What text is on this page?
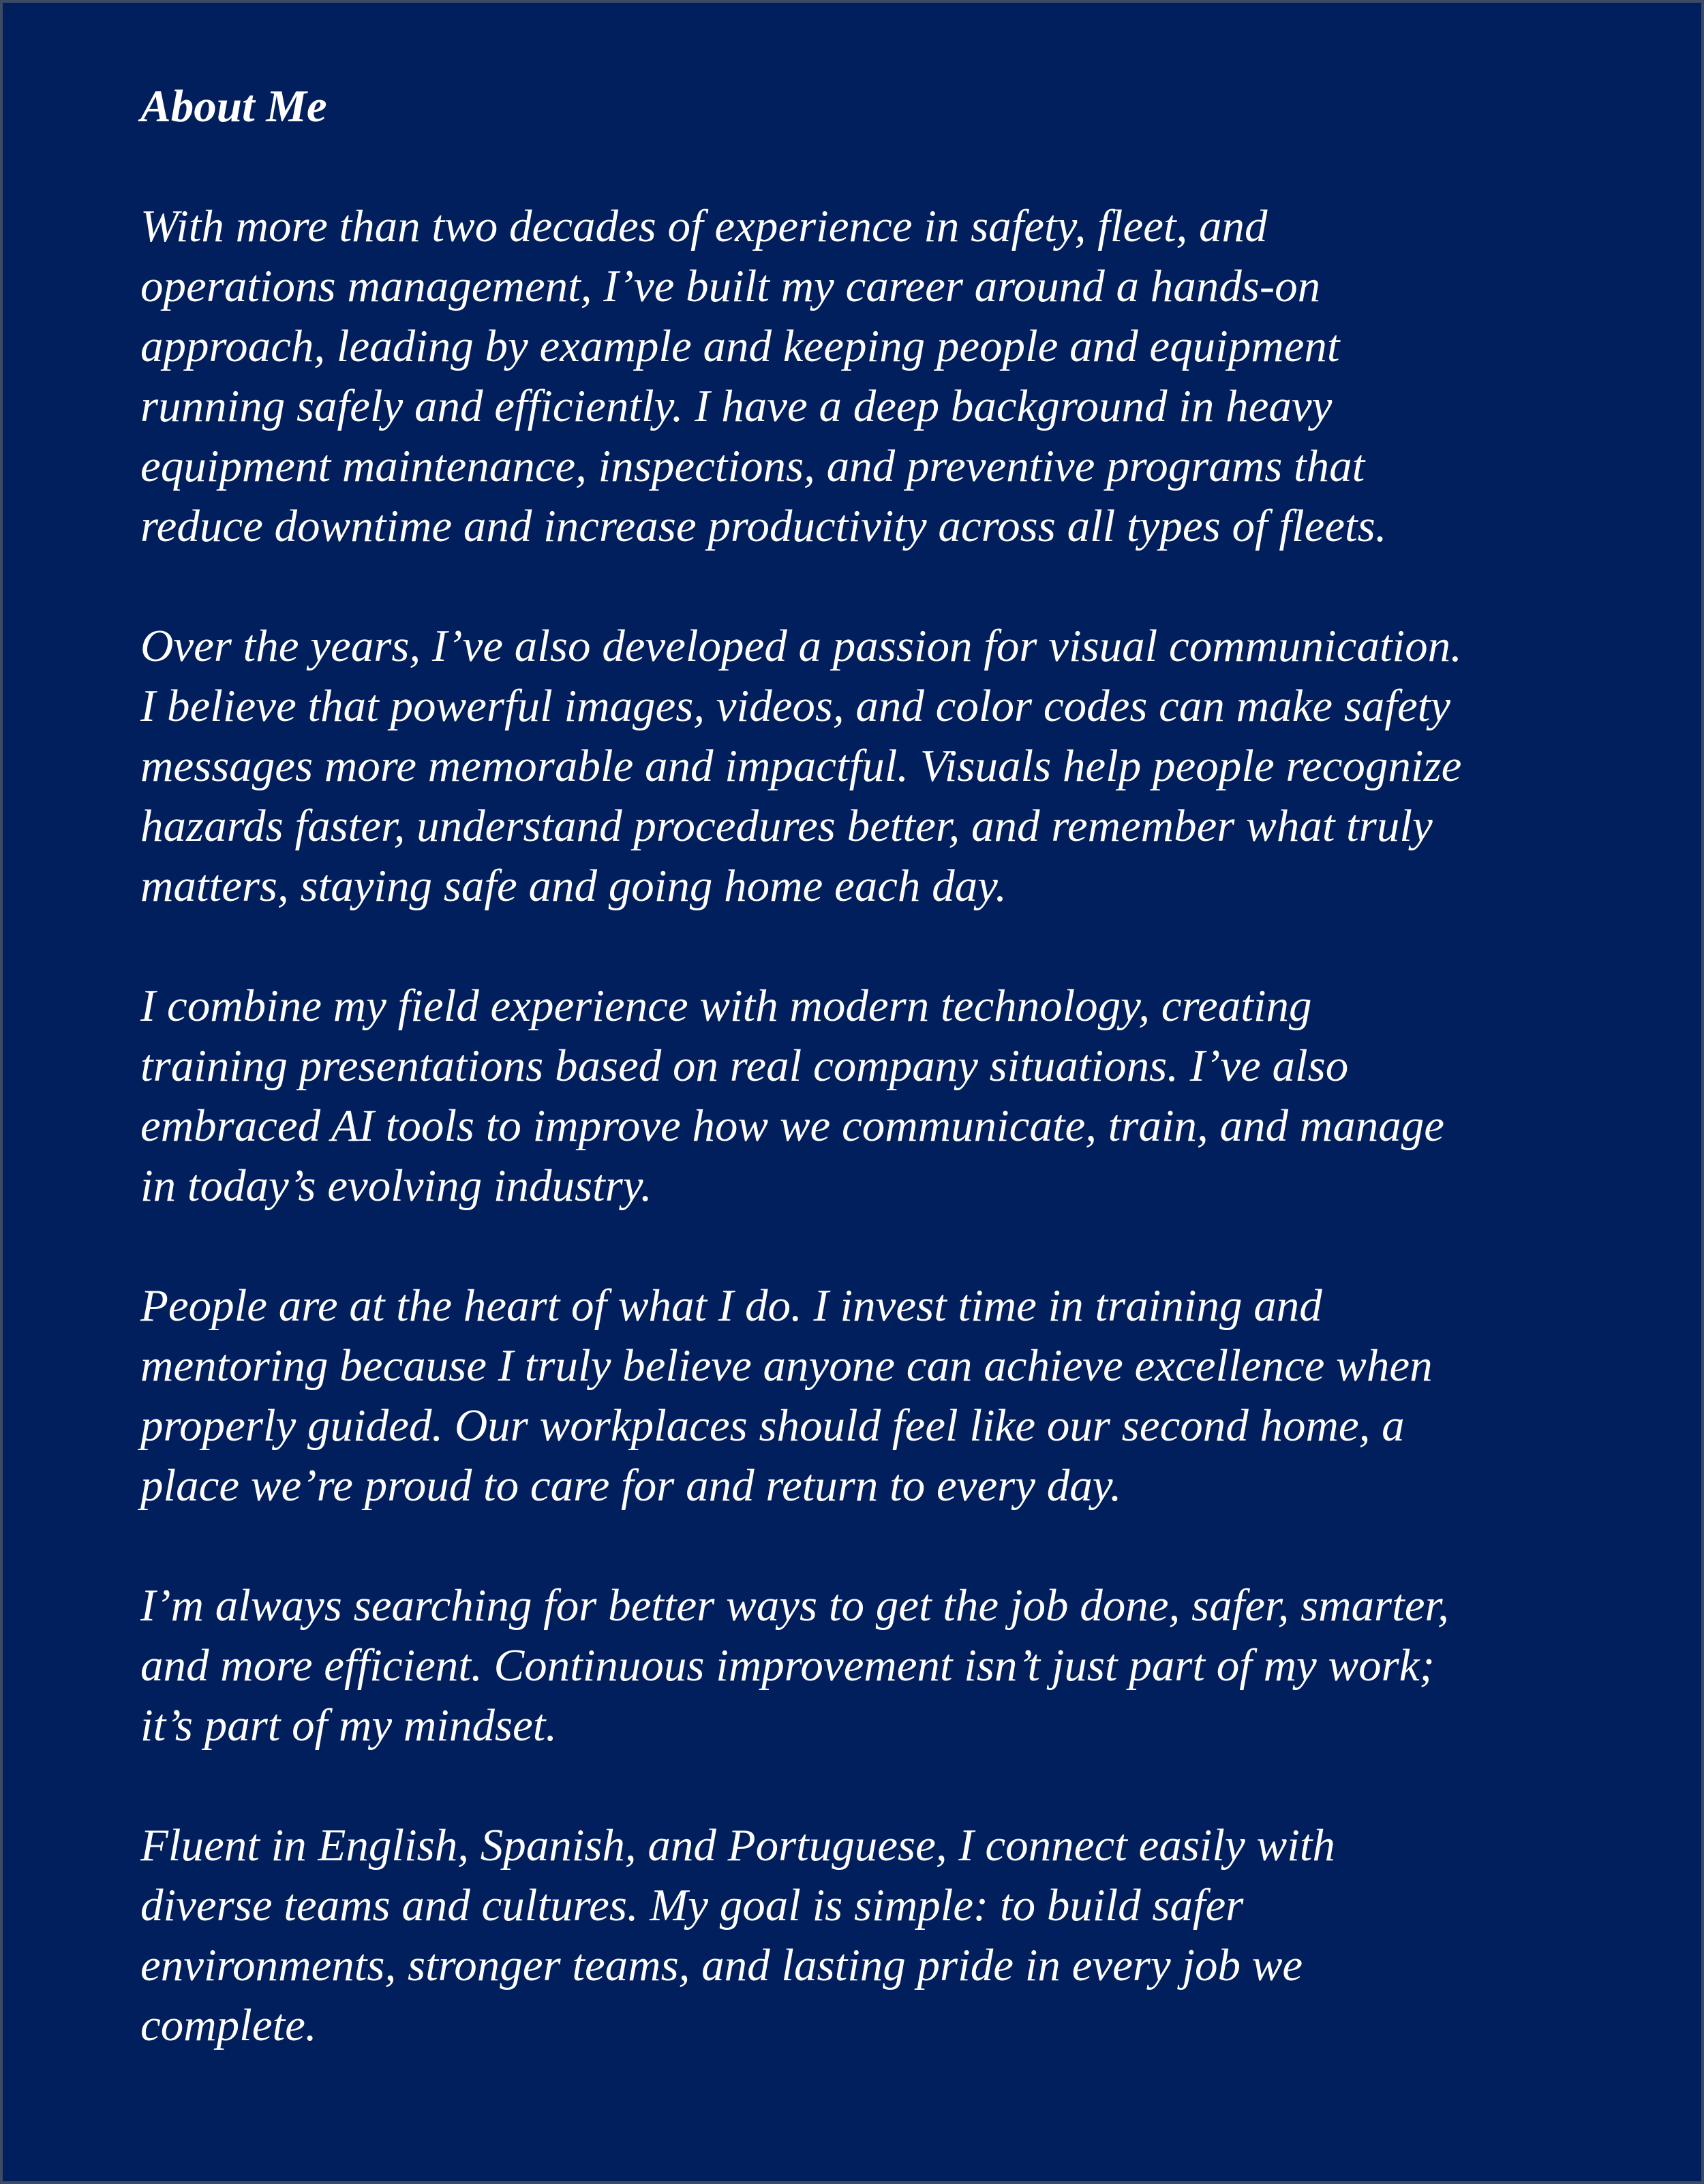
About Me
With more than two decades of experience in safety, fleet, and
operations management, I’ve built my career around a hands-on
approach, leading by example and keeping people and equipment
running safely and efficiently. I have a deep background in heavy
equipment maintenance, inspections, and preventive programs that
reduce downtime and increase productivity across all types of fleets.
Over the years, I’ve also developed a passion for visual communication.
I believe that powerful images, videos, and color codes can make safety
messages more memorable and impactful. Visuals help people recognize
hazards faster, understand procedures better, and remember what truly
matters, staying safe and going home each day.
I combine my field experience with modern technology, creating
training presentations based on real company situations. I’ve also
embraced AI tools to improve how we communicate, train, and manage
in today’s evolving industry.
People are at the heart of what I do. I invest time in training and
mentoring because I truly believe anyone can achieve excellence when
properly guided. Our workplaces should feel like our second home, a
place we’re proud to care for and return to every day.
I’m always searching for better ways to get the job done, safer, smarter,
and more efficient. Continuous improvement isn’t just part of my work;
it’s part of my mindset.
Fluent in English, Spanish, and Portuguese, I connect easily with
diverse teams and cultures. My goal is simple: to build safer
environments, stronger teams, and lasting pride in every job we
complete.
